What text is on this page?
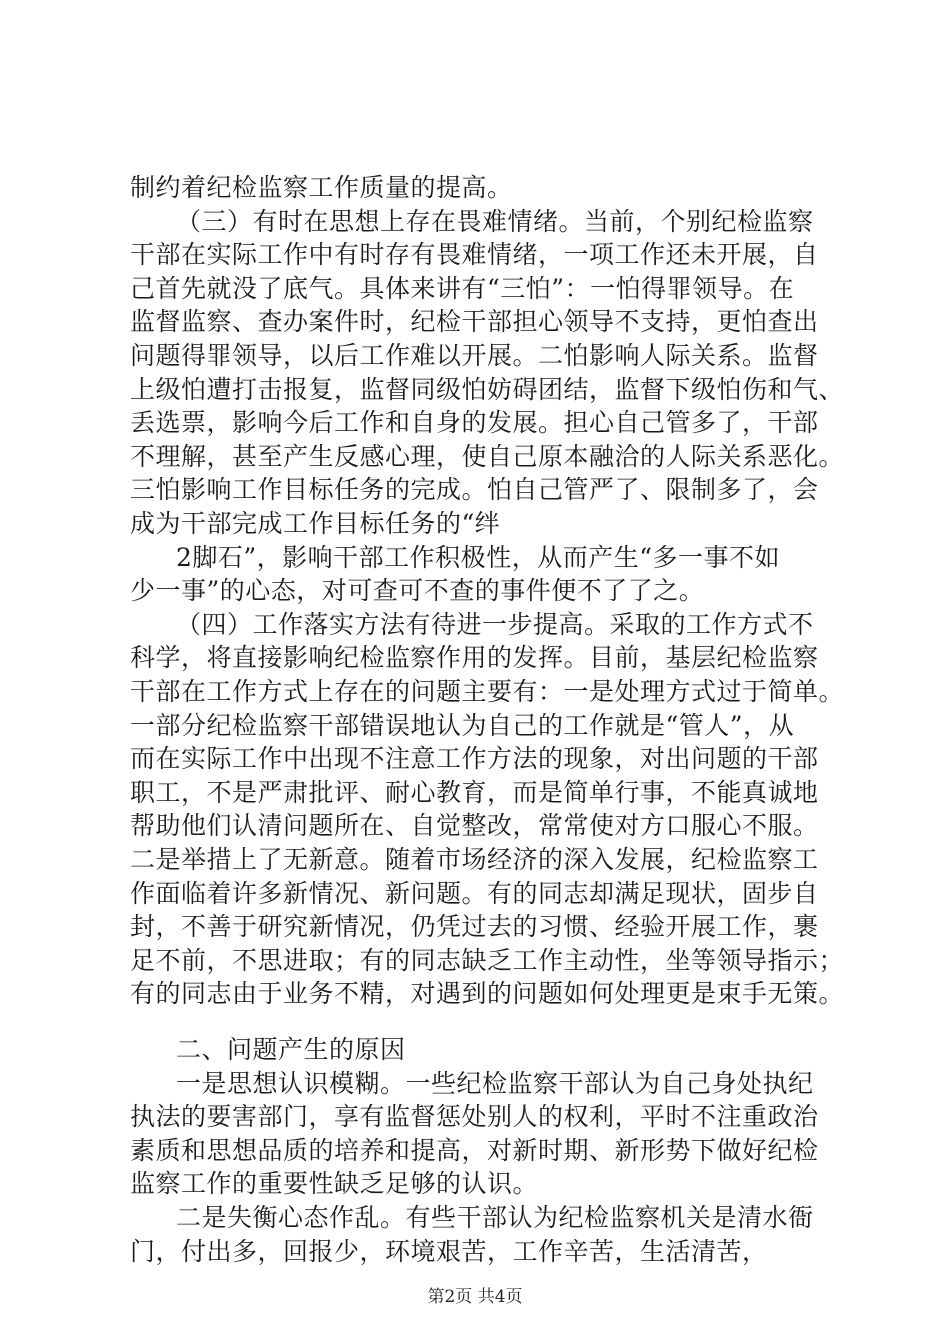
制约着纪检监察工作质量的提高。
（三）有时在思想上存在畏难情绪。当前，个别纪检监察
干部在实际工作中有时存有畏难情绪，一项工作还未开展，自
己首先就没了底气。具体来讲有“三怕”：一怕得罪领导。在
监督监察、查办案件时，纪检干部担心领导不支持，更怕查出
问题得罪领导，以后工作难以开展。二怕影响人际关系。监督
上级怕遭打击报复，监督同级怕妨碍团结，监督下级怕伤和气、
丢选票，影响今后工作和自身的发展。担心自己管多了，干部
不理解，甚至产生反感心理，使自己原本融洽的人际关系恶化。
三怕影响工作目标任务的完成。怕自己管严了、限制多了，会
成为干部完成工作目标任务的“绊
2脚石”，影响干部工作积极性，从而产生“多一事不如
少一事”的心态，对可查可不查的事件便不了了之。
（四）工作落实方法有待进一步提高。采取的工作方式不
科学，将直接影响纪检监察作用的发挥。目前，基层纪检监察
干部在工作方式上存在的问题主要有：一是处理方式过于简单。
一部分纪检监察干部错误地认为自己的工作就是“管人”，从
而在实际工作中出现不注意工作方法的现象，对出问题的干部
职工，不是严肃批评、耐心教育，而是简单行事，不能真诚地
帮助他们认清问题所在、自觉整改，常常使对方口服心不服。
二是举措上了无新意。随着市场经济的深入发展，纪检监察工
作面临着许多新情况、新问题。有的同志却满足现状，固步自
封，不善于研究新情况，仍凭过去的习惯、经验开展工作，裹
足不前，不思进取；有的同志缺乏工作主动性，坐等领导指示；
有的同志由于业务不精，对遇到的问题如何处理更是束手无策。
二、问题产生的原因
一是思想认识模糊。一些纪检监察干部认为自己身处执纪
执法的要害部门，享有监督惩处别人的权利，平时不注重政治
素质和思想品质的培养和提高，对新时期、新形势下做好纪检
监察工作的重要性缺乏足够的认识。
二是失衡心态作乱。有些干部认为纪检监察机关是清水衙
门，付出多，回报少，环境艰苦，工作辛苦，生活清苦，
第2页 共4页
